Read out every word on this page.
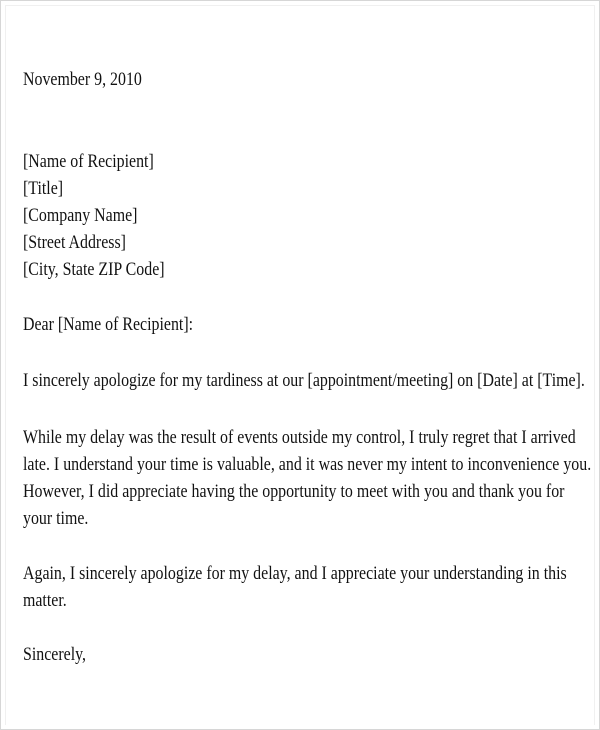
November 9, 2010
[Name of Recipient]
[Title]
[Company Name]
[Street Address]
[City, State ZIP Code]
Dear [Name of Recipient]:
I sincerely apologize for my tardiness at our [appointment/meeting] on [Date] at [Time].
While my delay was the result of events outside my control, I truly regret that I arrived
late. I understand your time is valuable, and it was never my intent to inconvenience you.
However, I did appreciate having the opportunity to meet with you and thank you for
your time.
Again, I sincerely apologize for my delay, and I appreciate your understanding in this
matter.
Sincerely,
